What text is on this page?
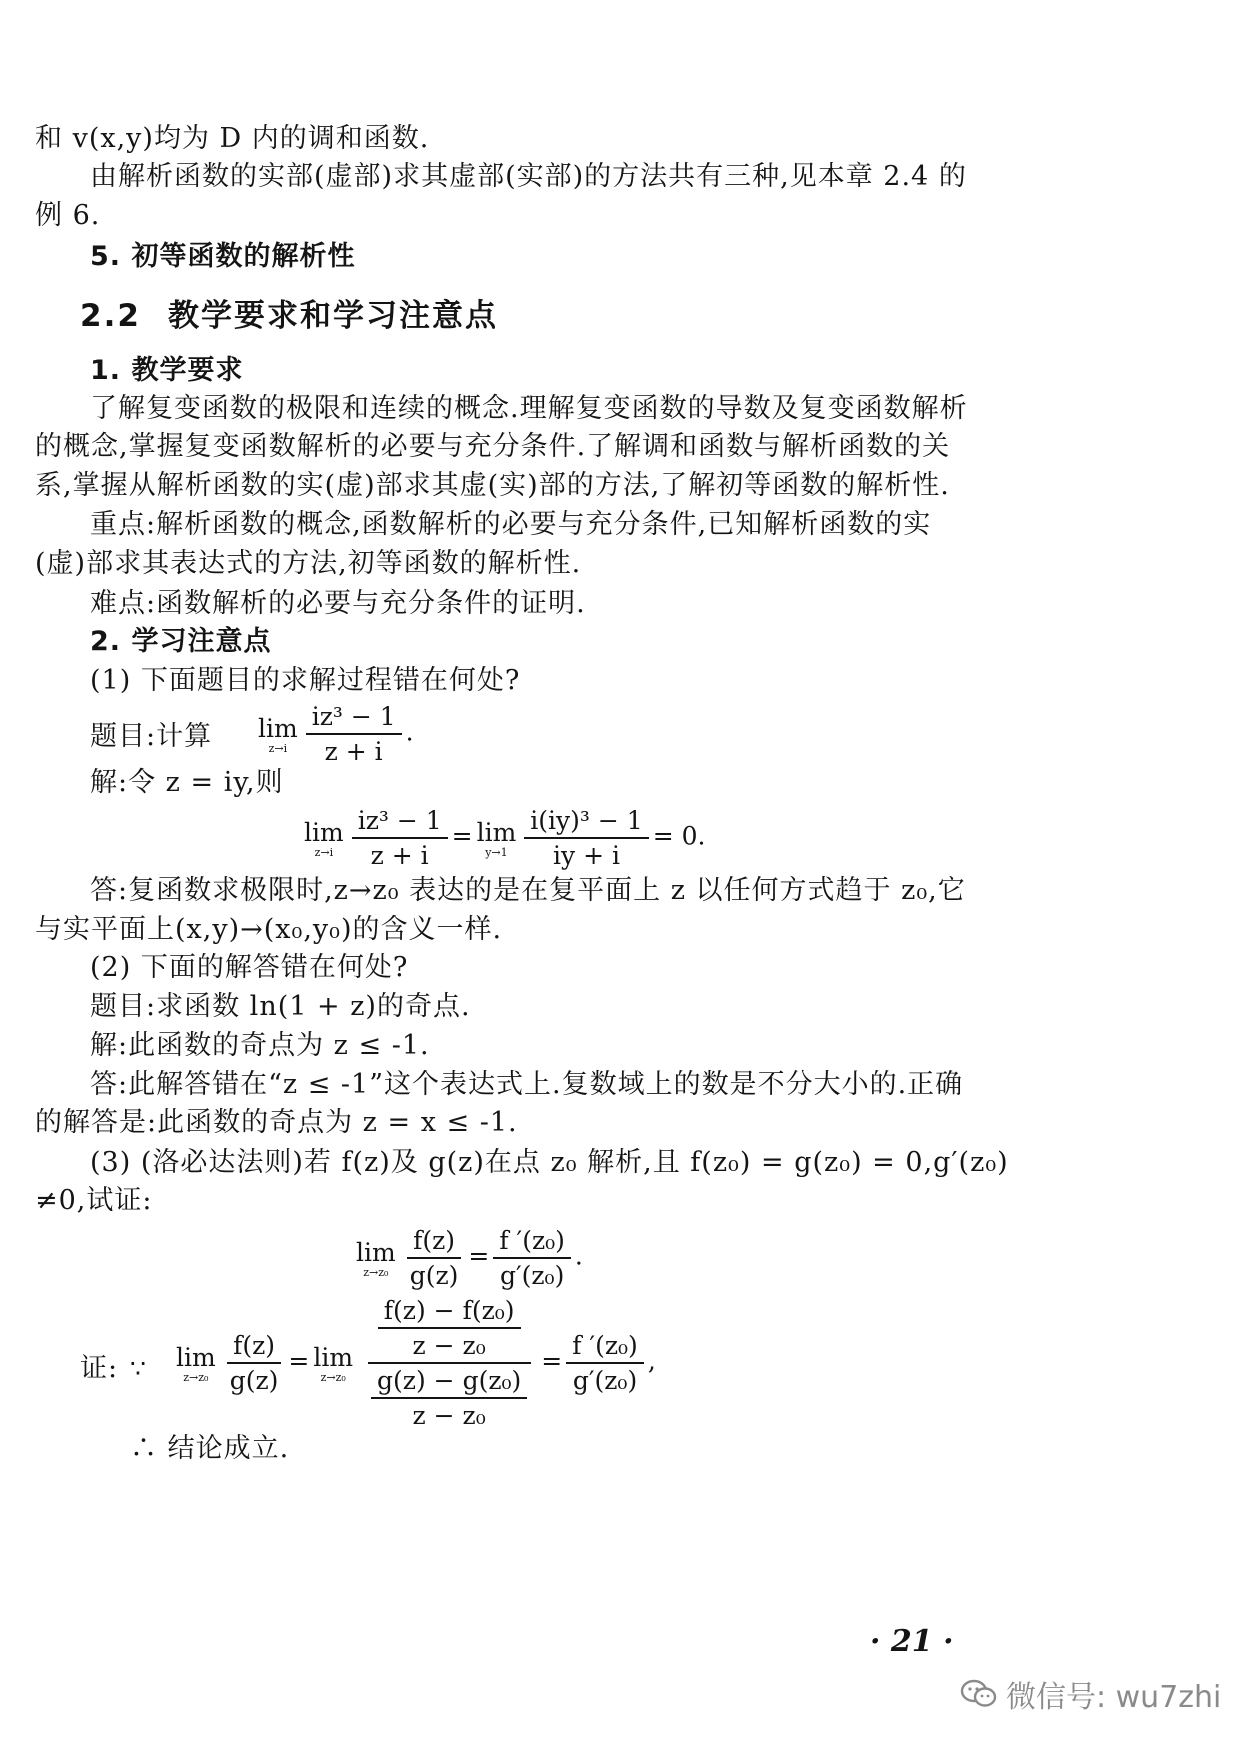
和 v(x,y)均为 D 内的调和函数.
由解析函数的实部(虚部)求其虚部(实部)的方法共有三种,见本章 2.4 的
例 6.
5. 初等函数的解析性
2.2 教学要求和学习注意点
1. 教学要求
了解复变函数的极限和连续的概念.理解复变函数的导数及复变函数解析
的概念,掌握复变函数解析的必要与充分条件.了解调和函数与解析函数的关
系,掌握从解析函数的实(虚)部求其虚(实)部的方法,了解初等函数的解析性.
重点:解析函数的概念,函数解析的必要与充分条件,已知解析函数的实
(虚)部求其表达式的方法,初等函数的解析性.
难点:函数解析的必要与充分条件的证明.
2. 学习注意点
(1) 下面题目的求解过程错在何处?
题目:计算 lim
$z\to i \frac{\text{iz³ − 1}}{z + i}$ .
解:令 z = iy,则
lim
$z\to i \frac{\text{iz³ − 1}}{z + i} = \lim$
$y\to 1 \frac{\text{i(iy)³ − 1}}{iy + i} = 0$.
答:复函数求极限时,z→z₀ 表达的是在复平面上 z 以任何方式趋于 z₀,它
与实平面上(x,y)→(x₀,y₀)的含义一样.
(2) 下面的解答错在何处?
题目:求函数 ln(1 + z)的奇点.
解:此函数的奇点为 z ≤ -1.
答:此解答错在“z ≤ -1”这个表达式上.复数域上的数是不分大小的.正确
的解答是:此函数的奇点为 z = x ≤ -1.
(3) (洛必达法则)若 f(z)及 g(z)在点 z₀ 解析,且 f(z₀) = g(z₀) = 0,g′(z₀)
≠0,试证:
lim
$z\to z_0 \frac{f(z)}{g(z)} = \frac{\text{f ′(z₀)}}{\text{g′(z₀)}}$ .
证: ∵ lim
$z\to z_0 \frac{f(z)}{g(z)} = \lim$
$z\to z_0 \frac{\frac{\text{f(z) − f(z₀)}}{\text{z − z₀}}}{\frac{\text{g(z) − g(z₀)}}{\text{z − z₀}}} = \frac{\text{f ′(z₀)}}{\text{g′(z₀)}}$ ,
∴ 结论成立.
· 21 ·
微信号: wu7zhi
